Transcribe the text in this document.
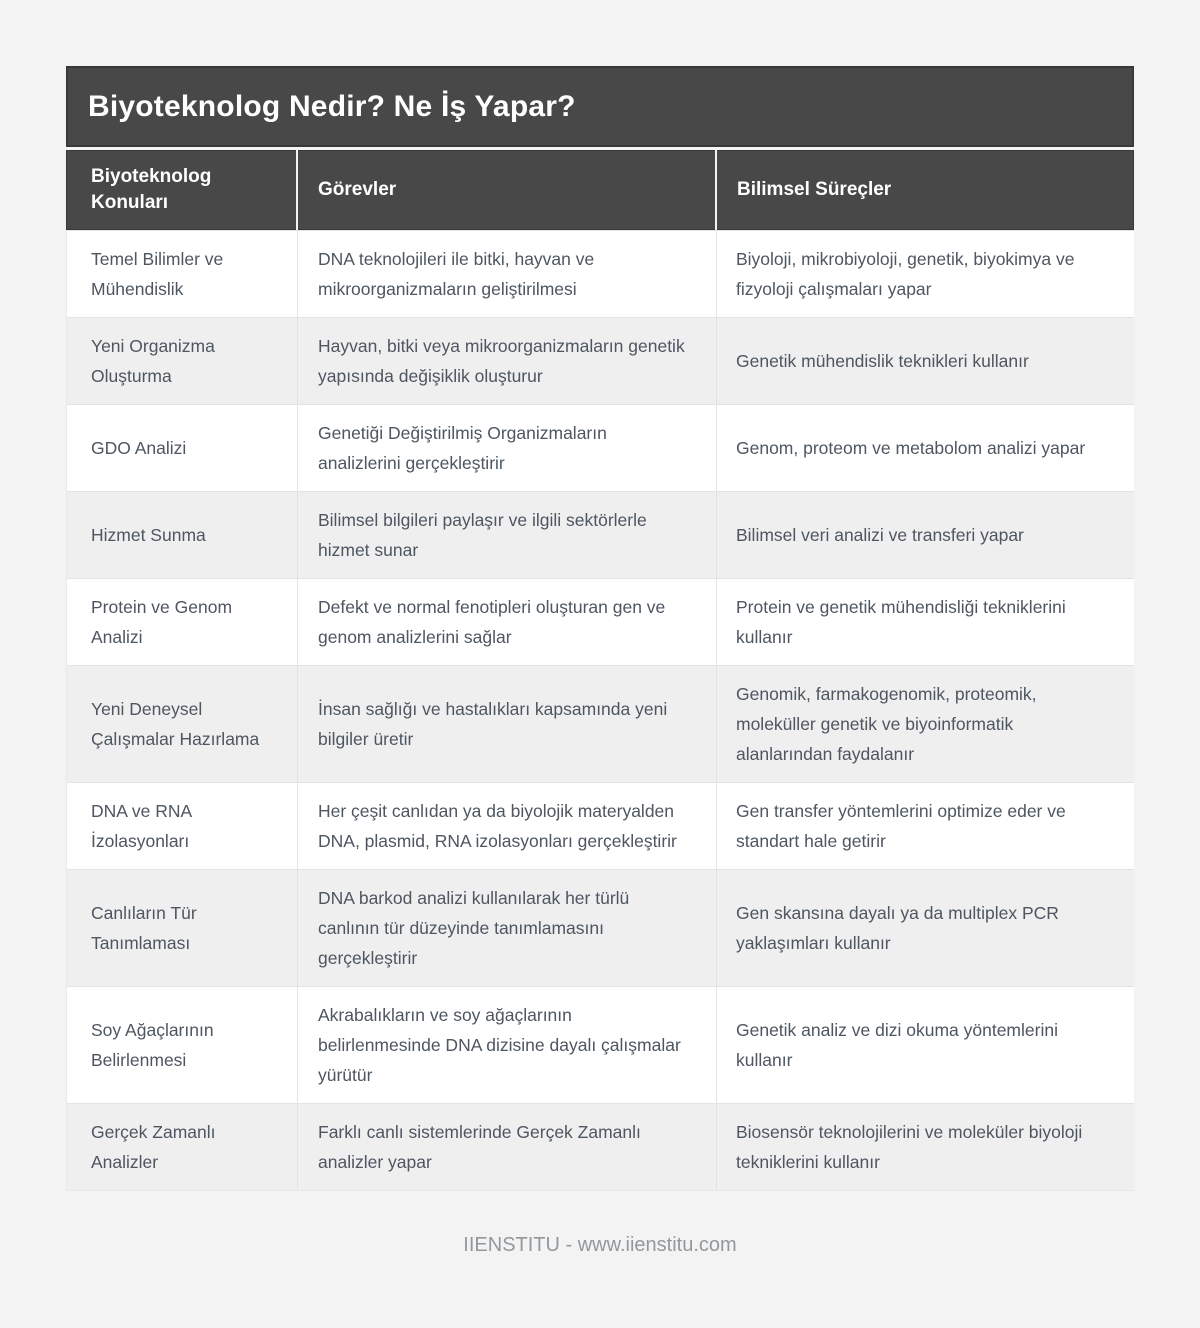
Biyoteknolog Nedir? Ne İş Yapar?
Biyoteknolog Konuları
Görevler	Bilimsel Süreçler
Temel Bilimler ve Mühendislik
DNA teknolojileri ile bitki, hayvan ve mikroorganizmaların geliştirilmesi
Biyoloji, mikrobiyoloji, genetik, biyokimya ve fizyoloji çalışmaları yapar
Yeni Organizma Oluşturma
Hayvan, bitki veya mikroorganizmaların genetik yapısında değişiklik oluşturur
Genetik mühendislik teknikleri kullanır
GDO Analizi
Genetiği Değiştirilmiş Organizmaların analizlerini gerçekleştirir
Genom, proteom ve metabolom analizi yapar
Hizmet Sunma
Bilimsel bilgileri paylaşır ve ilgili sektörlerle hizmet sunar
Bilimsel veri analizi ve transferi yapar
Protein ve Genom Analizi
Defekt ve normal fenotipleri oluşturan gen ve genom analizlerini sağlar
Protein ve genetik mühendisliği tekniklerini kullanır
Yeni Deneysel Çalışmalar Hazırlama
İnsan sağlığı ve hastalıkları kapsamında yeni bilgiler üretir
Genomik, farmakogenomik, proteomik, moleküller genetik ve biyoinformatik alanlarından faydalanır
DNA ve RNA İzolasyonları
Her çeşit canlıdan ya da biyolojik materyalden DNA, plasmid, RNA izolasyonları gerçekleştirir
Gen transfer yöntemlerini optimize eder ve standart hale getirir
Canlıların Tür Tanımlaması
DNA barkod analizi kullanılarak her türlü canlının tür düzeyinde tanımlamasını gerçekleştirir
Gen skansına dayalı ya da multiplex PCR yaklaşımları kullanır
Soy Ağaçlarının Belirlenmesi
Akrabalıkların ve soy ağaçlarının belirlenmesinde DNA dizisine dayalı çalışmalar yürütür
Genetik analiz ve dizi okuma yöntemlerini kullanır
Gerçek Zamanlı Analizler
Farklı canlı sistemlerinde Gerçek Zamanlı analizler yapar
Biosensör teknolojilerini ve moleküler biyoloji tekniklerini kullanır
IIENSTITU - www.iienstitu.com
